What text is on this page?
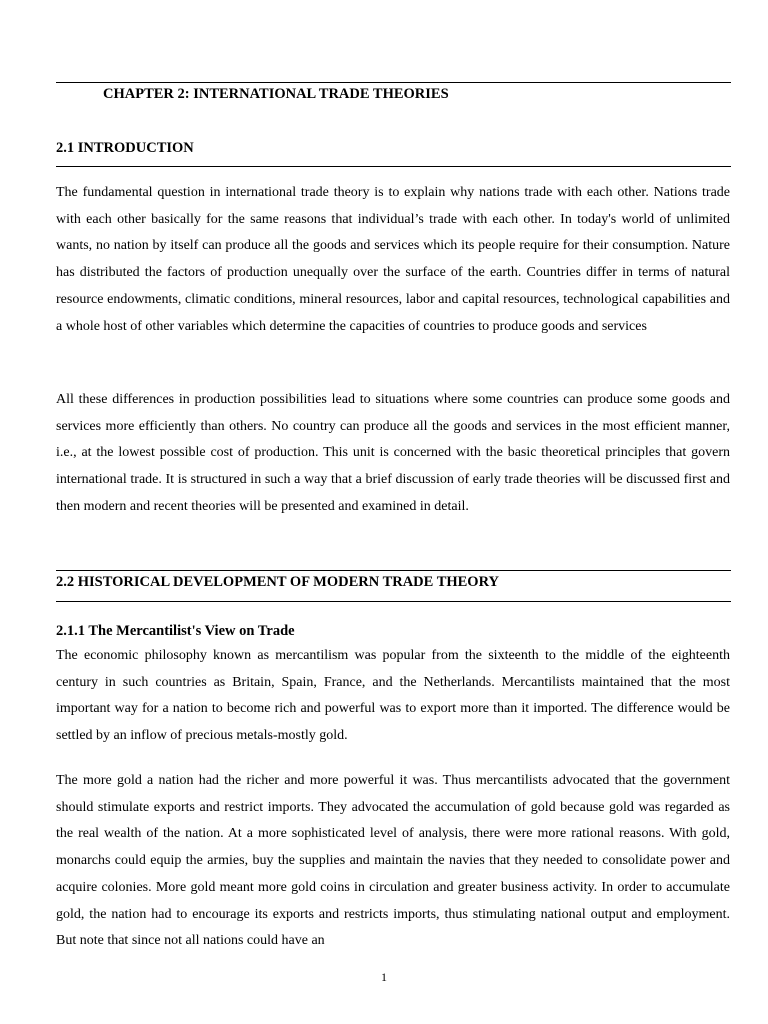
CHAPTER 2: INTERNATIONAL TRADE THEORIES
2.1 INTRODUCTION

The fundamental question in international trade theory is to explain why nations trade with each other. Nations trade with each other basically for the same reasons that individual’s trade with each other. In today's world of unlimited wants, no nation by itself can produce all the goods and services which its people require for their consumption. Nature has distributed the factors of production unequally over the surface of the earth. Countries differ in terms of natural resource endowments, climatic conditions, mineral resources, labor and capital resources, technological capabilities and a whole host of other variables which determine the capacities of countries to produce goods and services

All these differences in production possibilities lead to situations where some countries can produce some goods and services more efficiently than others. No country can produce all the goods and services in the most efficient manner, i.e., at the lowest possible cost of production. This unit is concerned with the basic theoretical principles that govern international trade. It is structured in such a way that a brief discussion of early trade theories will be discussed first and then modern and recent theories will be presented and examined in detail.

2.2 HISTORICAL DEVELOPMENT OF MODERN TRADE THEORY
2.1.1 The Mercantilist's View on Trade

The economic philosophy known as mercantilism was popular from the sixteenth to the middle of the eighteenth century in such countries as Britain, Spain, France, and the Netherlands. Mercantilists maintained that the most important way for a nation to become rich and powerful was to export more than it imported. The difference would be settled by an inflow of precious metals-mostly gold.

The more gold a nation had the richer and more powerful it was. Thus mercantilists advocated that the government should stimulate exports and restrict imports. They advocated the accumulation of gold because gold was regarded as the real wealth of the nation. At a more sophisticated level of analysis, there were more rational reasons. With gold, monarchs could equip the armies, buy the supplies and maintain the navies that they needed to consolidate power and acquire colonies. More gold meant more gold coins in circulation and greater business activity. In order to accumulate gold, the nation had to encourage its exports and restricts imports, thus stimulating national output and employment. But note that since not all nations could have an

1
